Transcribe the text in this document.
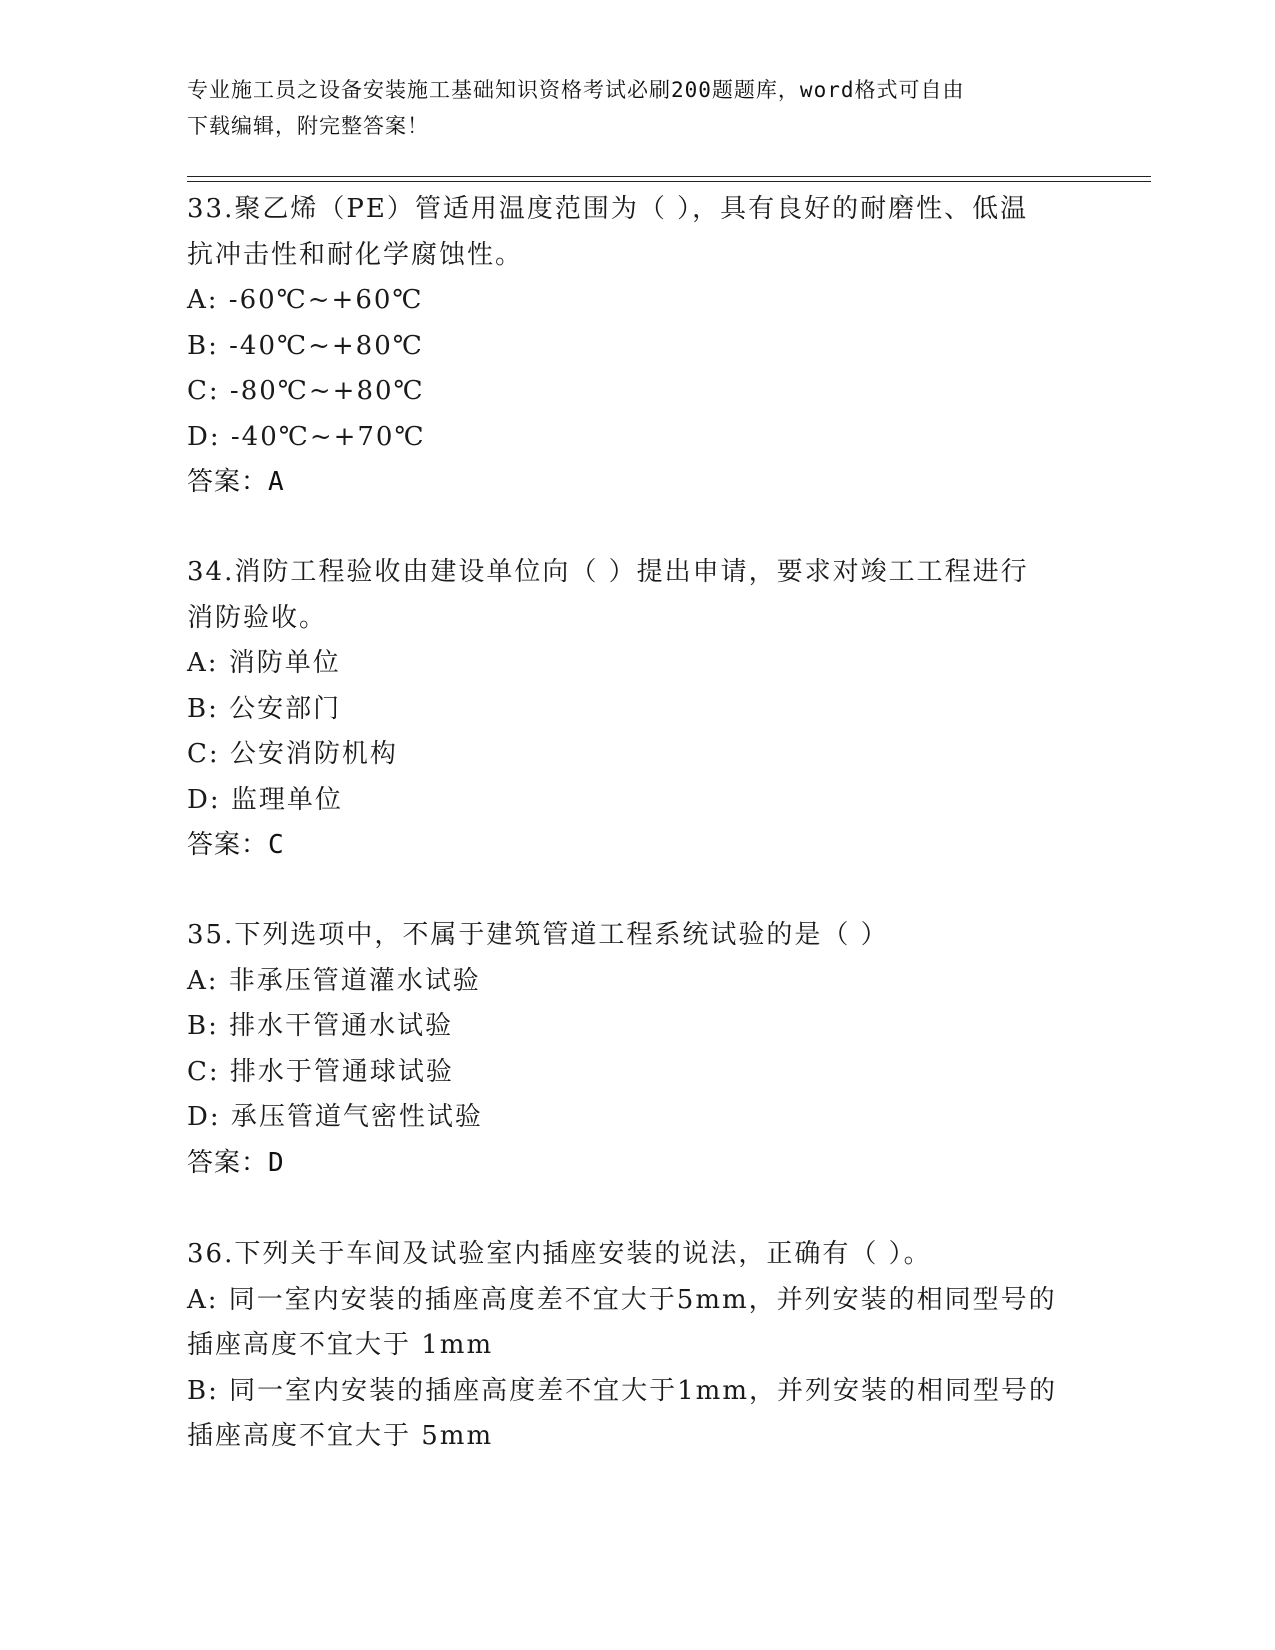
专业施工员之设备安装施工基础知识资格考试必刷200题题库，word格式可自由
下载编辑，附完整答案！
33.聚乙烯（PE）管适用温度范围为（ ），具有良好的耐磨性、低温
抗冲击性和耐化学腐蚀性。
A: -60℃~+60℃
B: -40℃~+80℃
C: -80℃~+80℃
D: -40℃~+70℃
答案：A
34.消防工程验收由建设单位向（ ）提出申请，要求对竣工工程进行
消防验收。
A: 消防单位
B: 公安部门
C: 公安消防机构
D: 监理单位
答案：C
35.下列选项中，不属于建筑管道工程系统试验的是（ ）
A: 非承压管道灌水试验
B: 排水干管通水试验
C: 排水于管通球试验
D: 承压管道气密性试验
答案：D
36.下列关于车间及试验室内插座安装的说法，正确有（ ）。
A: 同一室内安装的插座高度差不宜大于5mm，并列安装的相同型号的
插座高度不宜大于 1mm
B: 同一室内安装的插座高度差不宜大于1mm，并列安装的相同型号的
插座高度不宜大于 5mm
